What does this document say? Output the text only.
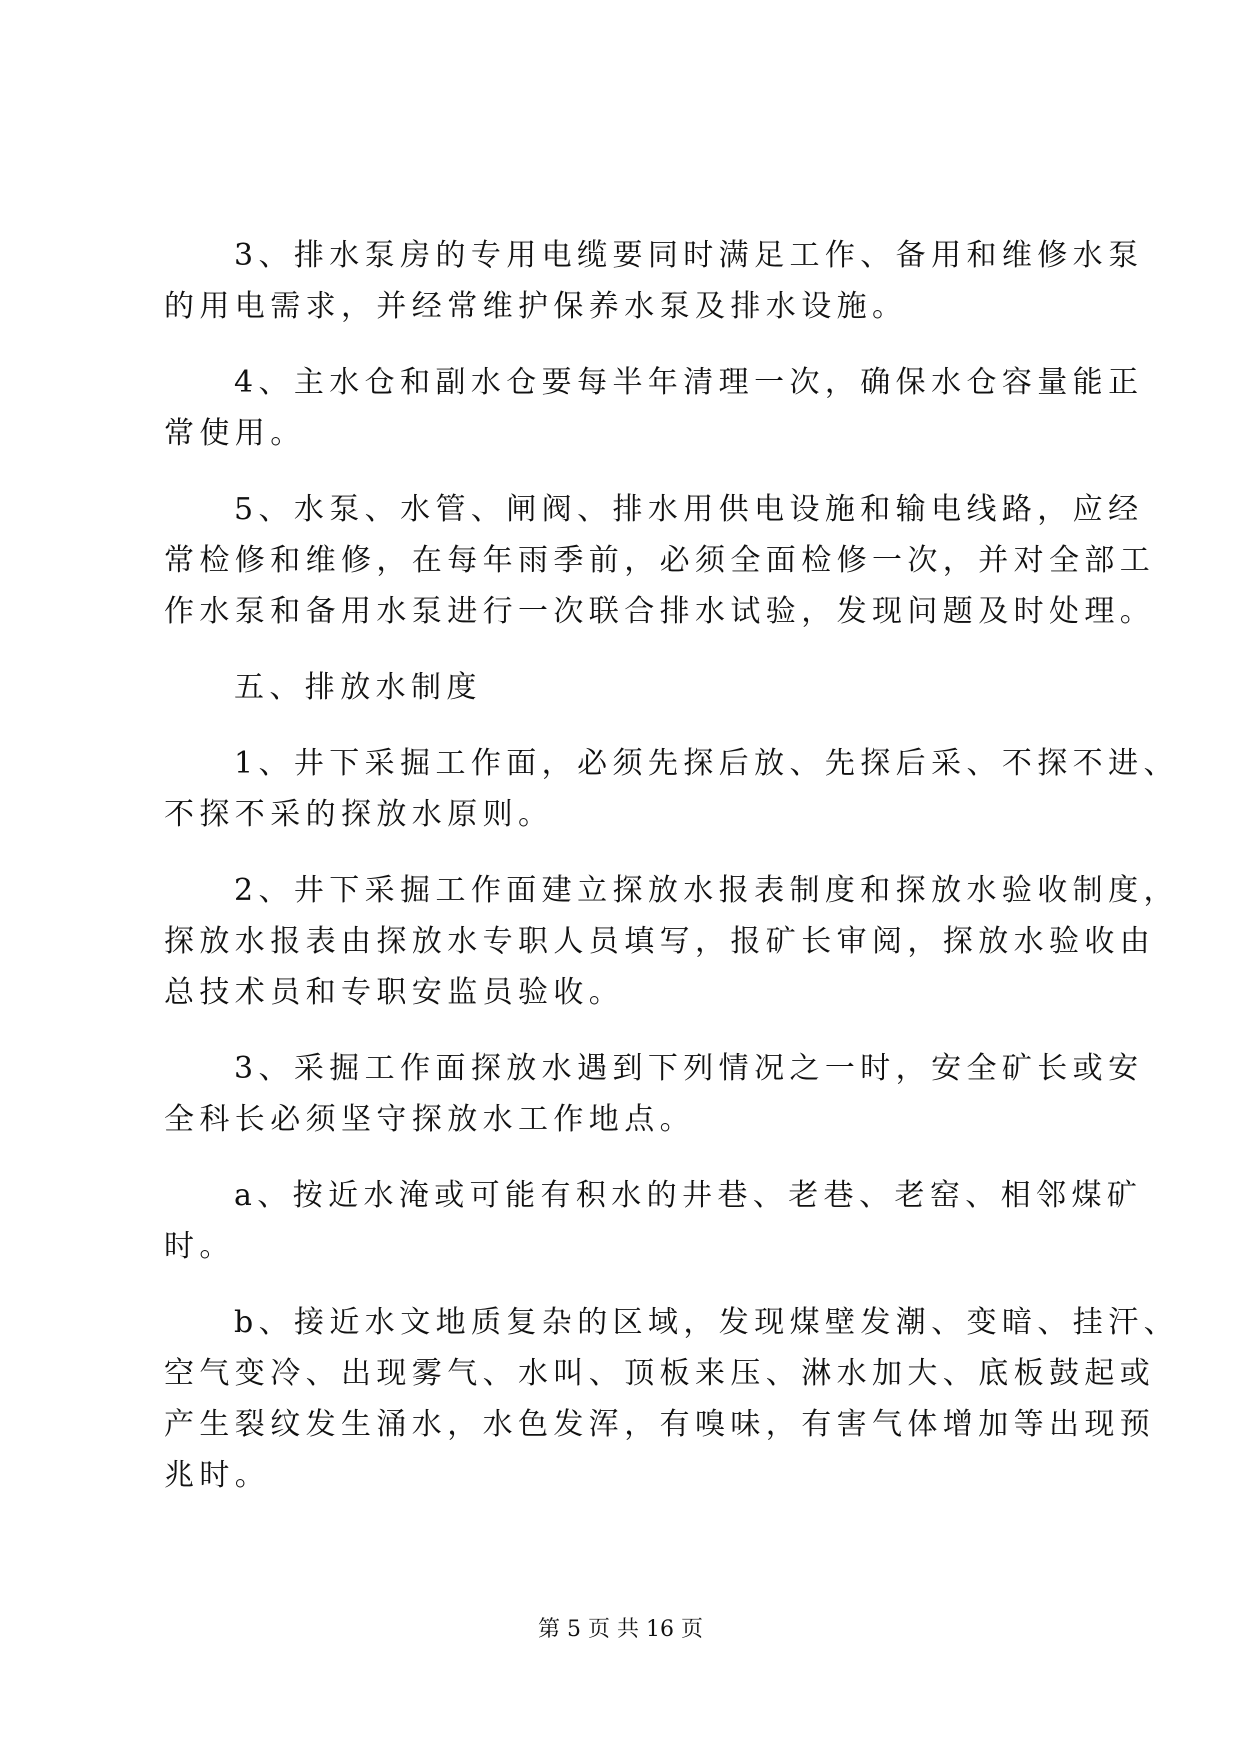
3、排水泵房的专用电缆要同时满足工作、备用和维修水泵
的用电需求，并经常维护保养水泵及排水设施。

4、主水仓和副水仓要每半年清理一次，确保水仓容量能正
常使用。

5、水泵、水管、闸阀、排水用供电设施和输电线路，应经
常检修和维修，在每年雨季前，必须全面检修一次，并对全部工
作水泵和备用水泵进行一次联合排水试验，发现问题及时处理。

五、排放水制度

1、井下采掘工作面，必须先探后放、先探后采、不探不进、
不探不采的探放水原则。

2、井下采掘工作面建立探放水报表制度和探放水验收制度，
探放水报表由探放水专职人员填写，报矿长审阅，探放水验收由
总技术员和专职安监员验收。

3、采掘工作面探放水遇到下列情况之一时，安全矿长或安
全科长必须坚守探放水工作地点。

a、按近水淹或可能有积水的井巷、老巷、老窑、相邻煤矿
时。

b、接近水文地质复杂的区域，发现煤壁发潮、变暗、挂汗、
空气变冷、出现雾气、水叫、顶板来压、淋水加大、底板鼓起或
产生裂纹发生涌水，水色发浑，有嗅味，有害气体增加等出现预
兆时。

第 5 页 共 16 页
